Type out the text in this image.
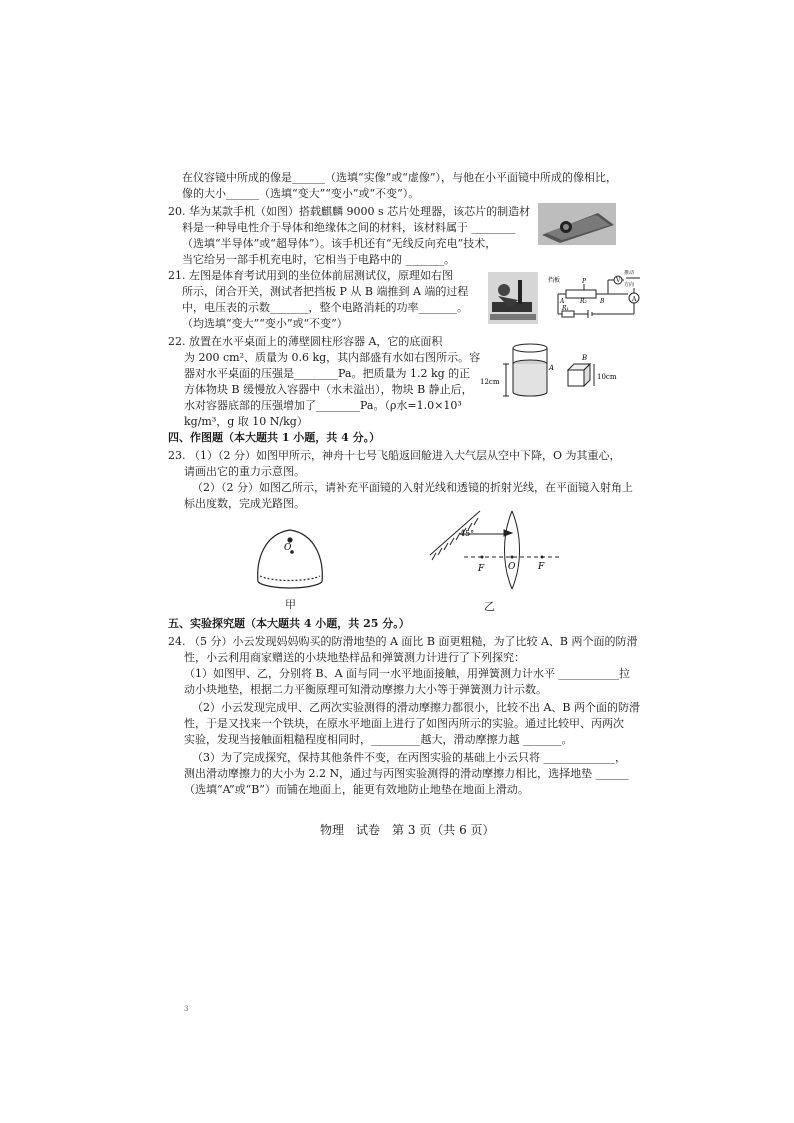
在仪容镜中所成的像是______（选填“实像”或“虚像”），与他在小平面镜中所成的像相比，
像的大小______（选填“变大”“变小”或“不变”）。
20. 华为某款手机（如图）搭载麒麟 9000 s 芯片处理器，该芯片的制造材
料是一种导电性介于导体和绝缘体之间的材料，该材料属于 ________
（选填“半导体”或“超导体”）。该手机还有“无线反向充电”技术，
当它给另一部手机充电时，它相当于电路中的 _______。
21. 左图是体育考试用到的坐位体前屈测试仪，原理如右图
所示，闭合开关，测试者把挡板 P 从 B 端推到 A 端的过程
中，电压表的示数_______，整个电路消耗的功率_______。
（均选填“变大”“变小”或“不变”）
挡板
推动
方向
P	V
A
A	R₂ B
R₁
22. 放置在水平桌面上的薄壁圆柱形容器 A，它的底面积
为 200 cm²、质量为 0.6 kg，其内部盛有水如右图所示。容
器对水平桌面的压强是________Pa。把质量为 1.2 kg 的正
方体物块 B 缓慢放入容器中（水未溢出），物块 B 静止后，
水对容器底部的压强增加了________Pa。（ρ水=1.0×10³
kg/m³，g 取 10 N/kg）
12cm
A
B
10cm
四、作图题（本大题共 1 小题，共 4 分。）
23. （1）（2 分）如图甲所示，神舟十七号飞船返回舱进入大气层从空中下降，O 为其重心，
请画出它的重力示意图。
（2）（2 分）如图乙所示，请补充平面镜的入射光线和透镜的折射光线，在平面镜入射角上
标出度数，完成光路图。
O
甲
45°
F	O	F
乙
五、实验探究题（本大题共 4 小题，共 25 分。）
24. （5 分）小云发现妈妈购买的防滑地垫的 A 面比 B 面更粗糙，为了比较 A、B 两个面的防滑
性，小云利用商家赠送的小块地垫样品和弹簧测力计进行了下列探究：
（1）如图甲、乙，分别将 B、A 面与同一水平地面接触，用弹簧测力计水平 ___________拉
动小块地垫，根据二力平衡原理可知滑动摩擦力大小等于弹簧测力计示数。
（2）小云发现完成甲、乙两次实验测得的滑动摩擦力都很小，比较不出 A、B 两个面的防滑
性，于是又找来一个铁块，在原水平地面上进行了如图丙所示的实验。通过比较甲、丙两次
实验，发现当接触面粗糙程度相同时，_________越大，滑动摩擦力越 _______。
（3）为了完成探究，保持其他条件不变，在丙图实验的基础上小云只将 _____________，
测出滑动摩擦力的大小为 2.2 N，通过与丙图实验测得的滑动摩擦力相比，选择地垫 ______
（选填“A”或“B”）而铺在地面上，能更有效地防止地垫在地面上滑动。
物理　试卷　第 3 页（共 6 页）
3
